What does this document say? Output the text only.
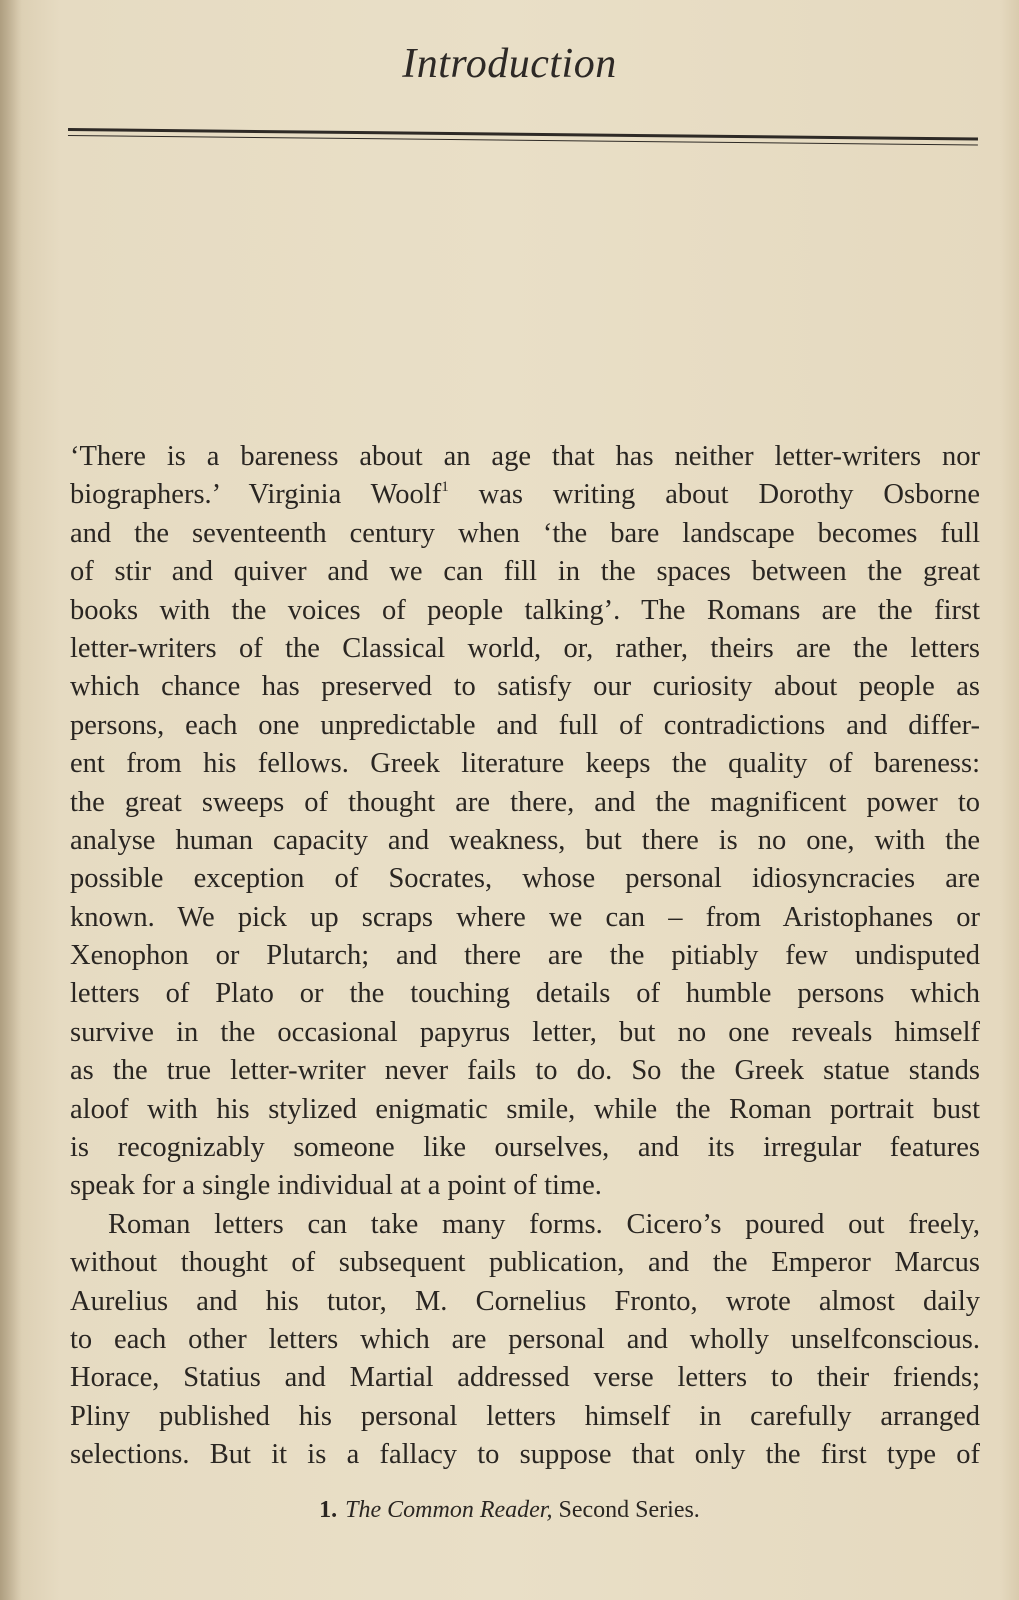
Introduction
‘There is a bareness about an age that has neither letter-writers nor
biographers.’ Virginia Woolf$^1$ was writing about Dorothy Osborne
and the seventeenth century when ‘the bare landscape becomes full
of stir and quiver and we can fill in the spaces between the great
books with the voices of people talking’. The Romans are the first
letter-writers of the Classical world, or, rather, theirs are the letters
which chance has preserved to satisfy our curiosity about people as
persons, each one unpredictable and full of contradictions and differ-
ent from his fellows. Greek literature keeps the quality of bareness:
the great sweeps of thought are there, and the magnificent power to
analyse human capacity and weakness, but there is no one, with the
possible exception of Socrates, whose personal idiosyncracies are
known. We pick up scraps where we can – from Aristophanes or
Xenophon or Plutarch; and there are the pitiably few undisputed
letters of Plato or the touching details of humble persons which
survive in the occasional papyrus letter, but no one reveals himself
as the true letter-writer never fails to do. So the Greek statue stands
aloof with his stylized enigmatic smile, while the Roman portrait bust
is recognizably someone like ourselves, and its irregular features
speak for a single individual at a point of time.
Roman letters can take many forms. Cicero’s poured out freely,
without thought of subsequent publication, and the Emperor Marcus
Aurelius and his tutor, M. Cornelius Fronto, wrote almost daily
to each other letters which are personal and wholly unselfconscious.
Horace, Statius and Martial addressed verse letters to their friends;
Pliny published his personal letters himself in carefully arranged
selections. But it is a fallacy to suppose that only the first type of
1. The Common Reader, Second Series.
